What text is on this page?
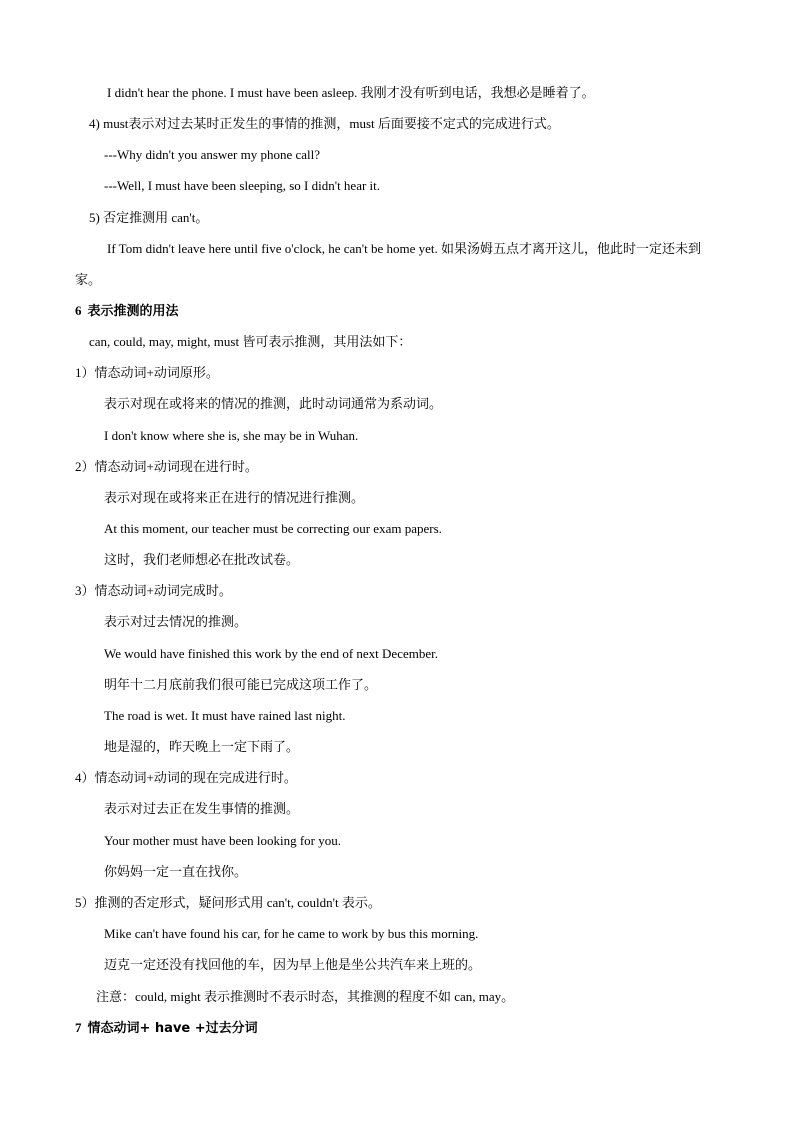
I didn't hear the phone. I must have been asleep. 我刚才没有听到电话，我想必是睡着了。
4) must表示对过去某时正发生的事情的推测，must 后面要接不定式的完成进行式。
---Why didn't you answer my phone call?
---Well, I must have been sleeping, so I didn't hear it.
5) 否定推测用 can't。
If Tom didn't leave here until five o'clock, he can't be home yet. 如果汤姆五点才离开这儿，他此时一定还未到家。
6 表示推测的用法
can, could, may, might, must 皆可表示推测，其用法如下：
1）情态动词+动词原形。
表示对现在或将来的情况的推测，此时动词通常为系动词。
I don't know where she is, she may be in Wuhan.
2）情态动词+动词现在进行时。
表示对现在或将来正在进行的情况进行推测。
At this moment, our teacher must be correcting our exam papers.
这时，我们老师想必在批改试卷。
3）情态动词+动词完成时。
表示对过去情况的推测。
We would have finished this work by the end of next December.
明年十二月底前我们很可能已完成这项工作了。
The road is wet. It must have rained last night.
地是湿的，昨天晚上一定下雨了。
4）情态动词+动词的现在完成进行时。
表示对过去正在发生事情的推测。
Your mother must have been looking for you.
你妈妈一定一直在找你。
5）推测的否定形式，疑问形式用 can't, couldn't 表示。
Mike can't have found his car, for he came to work by bus this morning.
迈克一定还没有找回他的车，因为早上他是坐公共汽车来上班的。
注意：could, might 表示推测时不表示时态，其推测的程度不如 can, may。
7 情态动词+ have +过去分词
